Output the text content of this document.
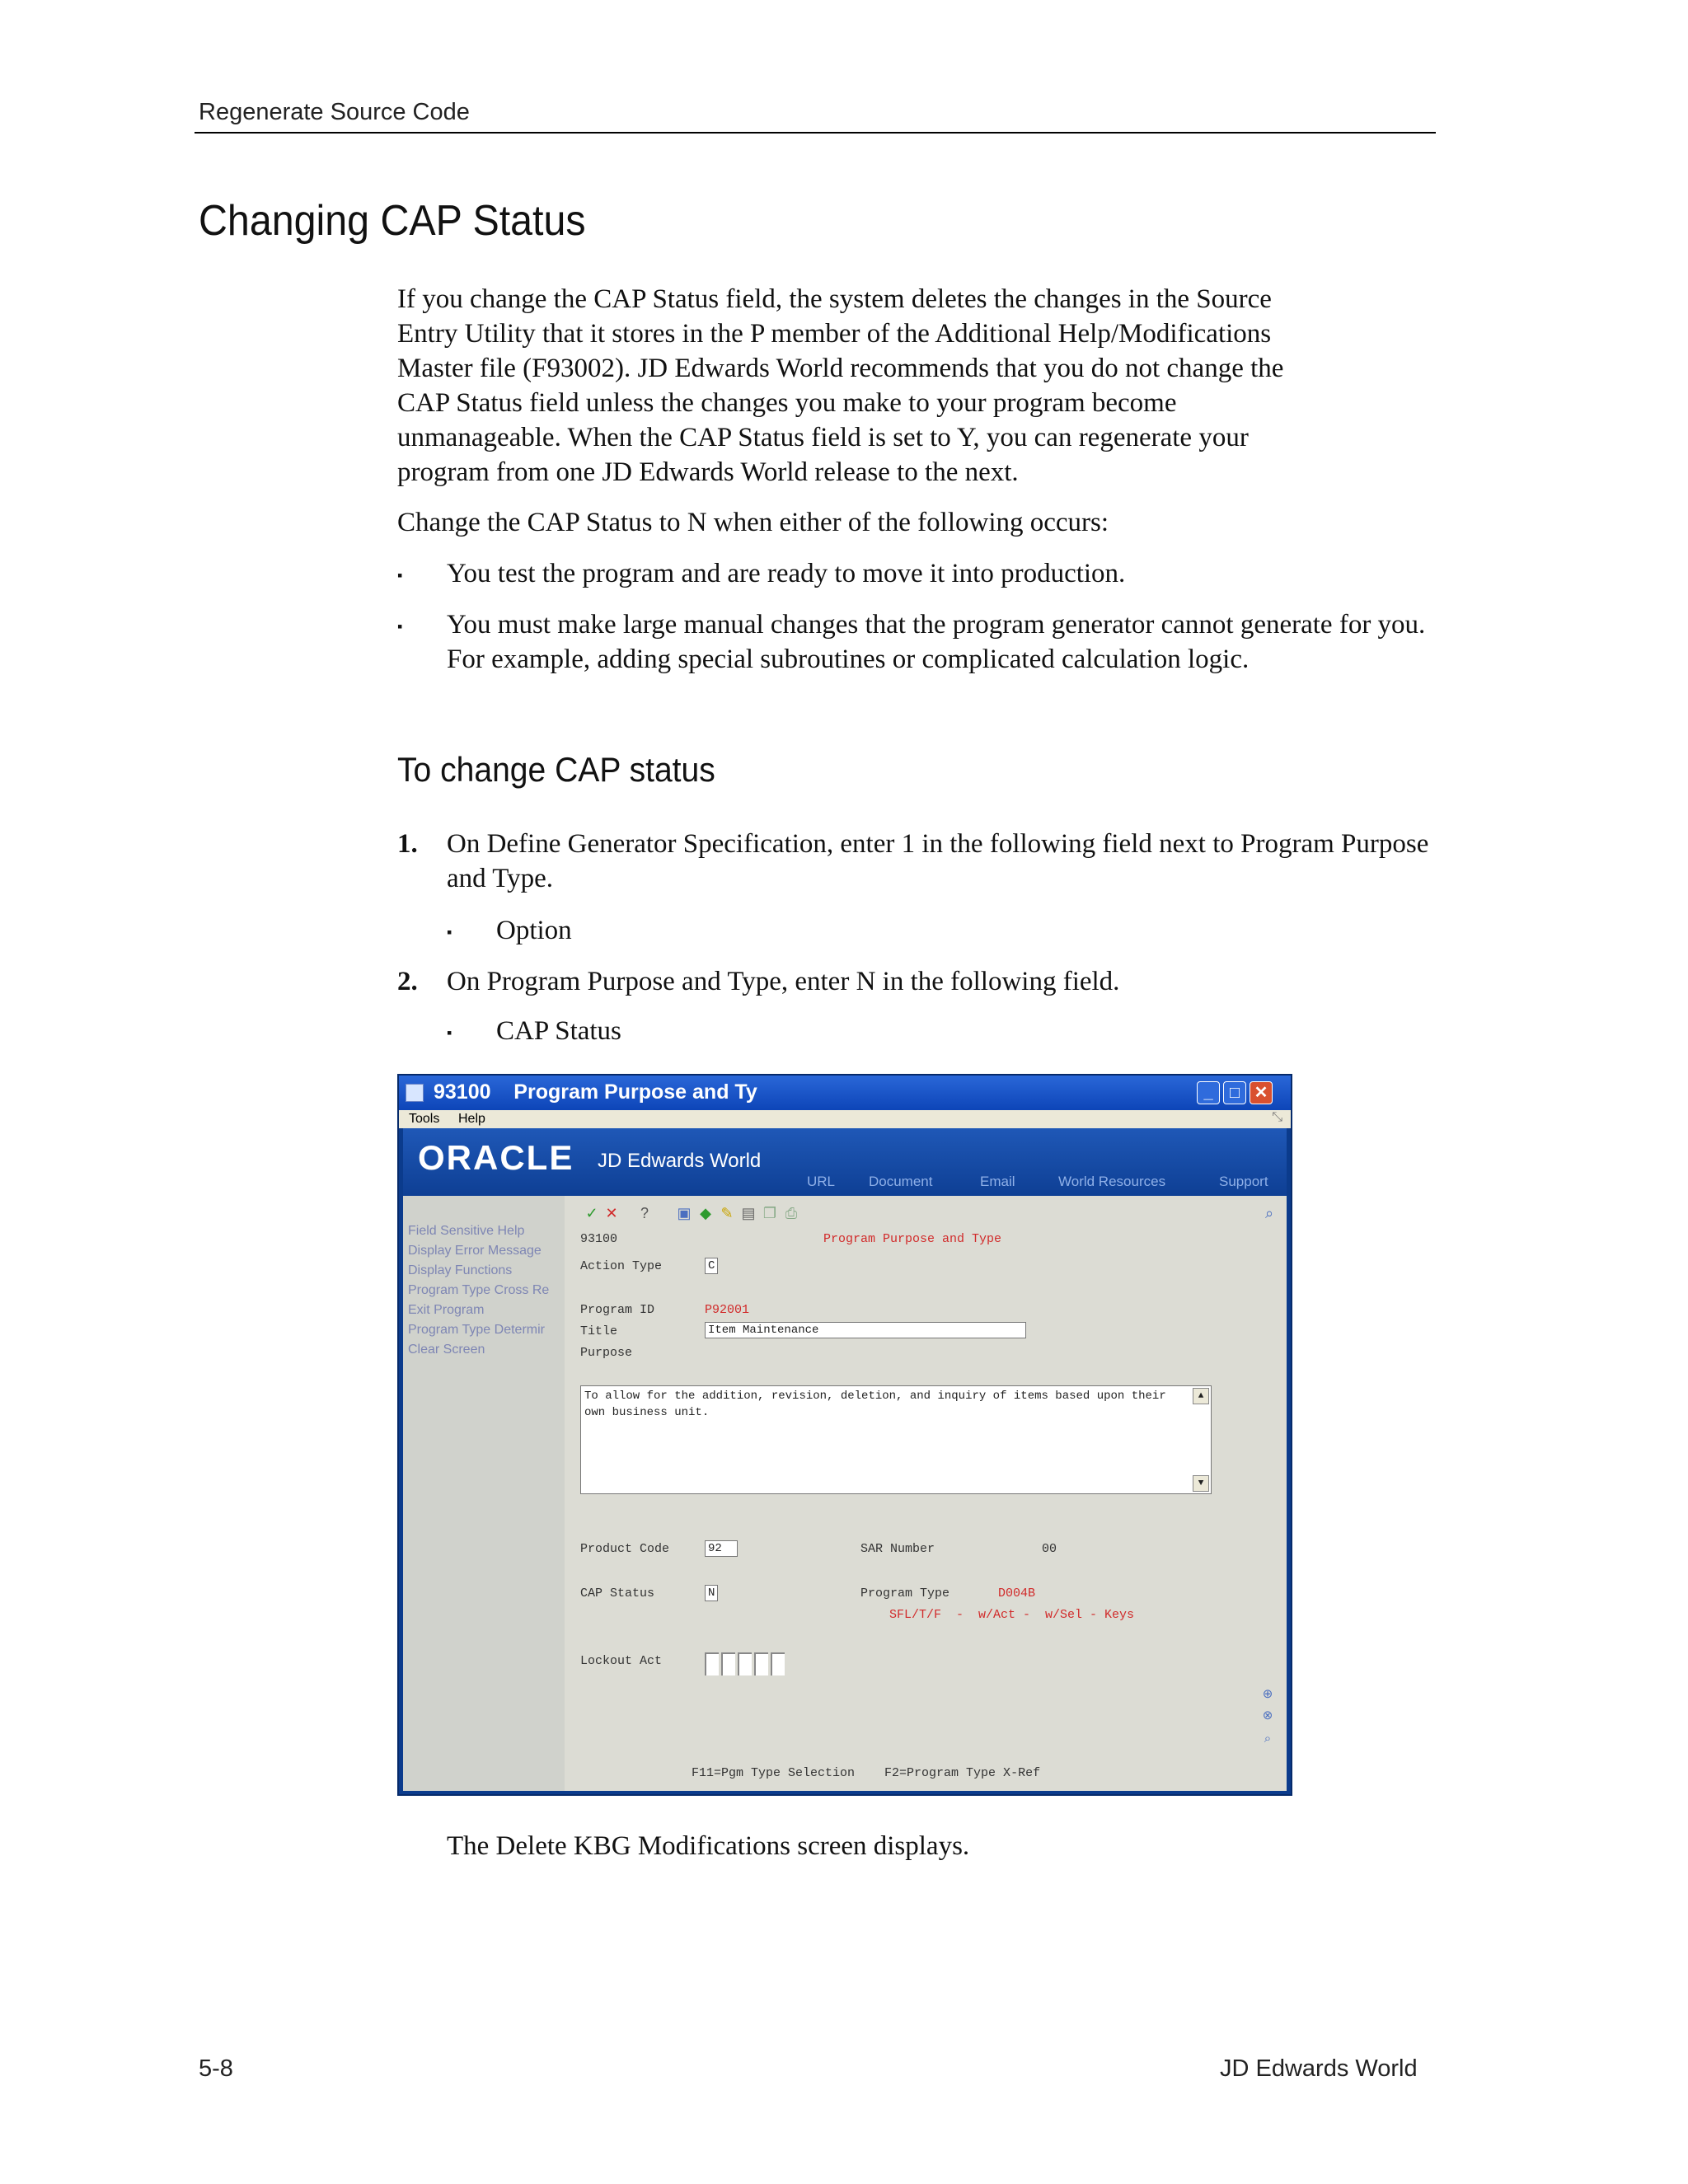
Regenerate Source Code
Changing CAP Status
If you change the CAP Status field, the system deletes the changes in the Source
Entry Utility that it stores in the P member of the Additional Help/Modifications
Master file (F93002). JD Edwards World recommends that you do not change the
CAP Status field unless the changes you make to your program become
unmanageable. When the CAP Status field is set to Y, you can regenerate your
program from one JD Edwards World release to the next.
Change the CAP Status to N when either of the following occurs:
▪ You test the program and are ready to move it into production.
▪ You must make large manual changes that the program generator cannot generate for you. For example, adding special subroutines or complicated calculation logic.
To change CAP status
1. On Define Generator Specification, enter 1 in the following field next to Program Purpose and Type.
▪ Option
2. On Program Purpose and Type, enter N in the following field.
▪ CAP Status
93100    Program Purpose and Ty	_	□ ✕
Tools Help	⤡
ORACLE JD Edwards World
URL Document	Email	World Resources	Support
Field Sensitive Help
Display Error Message
Display Functions
Program Type Cross Re
Exit Program
Program Type Determir
Clear Screen
✓ ✕	?	▣ ◆ ✎ ▤ ❐ ⎙	⌕
93100	Program Purpose and Type
Action Type	C
Program ID	P92001
Title	Item Maintenance
Purpose
To allow for the addition, revision, deletion, and inquiry of items based upon their own business unit.
▲
▼
Product Code	92	SAR Number	00
CAP Status	N	Program Type	D004B
SFL/T/F  -  w/Act -  w/Sel - Keys
Lockout Act
⊕
⊗
⌕
F11=Pgm Type Selection    F2=Program Type X-Ref
The Delete KBG Modifications screen displays.
5-8	JD Edwards World
